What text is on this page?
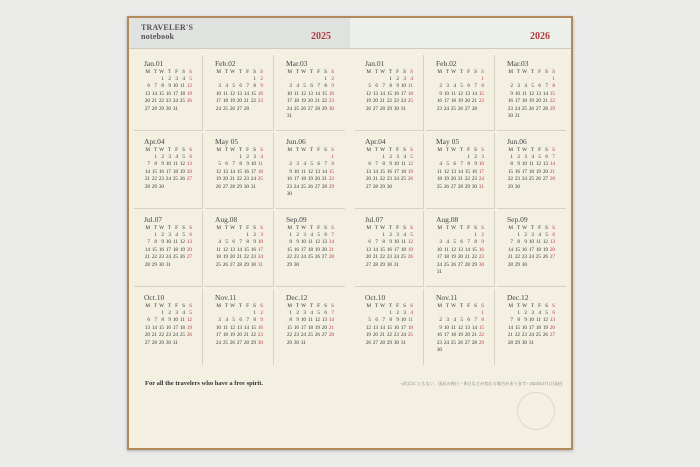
TRAVELER'S
notebook	2025
Jan.01
M T W T F S S
1 2 3 4 5
6 7 8 9 10 11 12
13 14 15 16 17 18 19
20 21 22 23 24 25 26
27 28 29 30 31
Feb.02
M T W T F S S
1 2
3 4 5 6 7 8 9
10 11 12 13 14 15 16
17 18 19 20 21 22 23
24 25 26 27 28
Mar.03
M T W T F S S
1 2
3 4 5 6 7 8 9
10 11 12 13 14 15 16
17 18 19 20 21 22 23
24 25 26 27 28 29 30
31
Apr.04
M T W T F S S
1 2 3 4 5 6
7 8 9 10 11 12 13
14 15 16 17 18 19 20
21 22 23 24 25 26 27
28 29 30
May 05
M T W T F S S
1 2 3 4
5 6 7 8 9 10 11
12 13 14 15 16 17 18
19 20 21 22 23 24 25
26 27 28 29 30 31
Jun.06
M T W T F S S
1
2 3 4 5 6 7 8
9 10 11 12 13 14 15
16 17 18 19 20 21 22
23 24 25 26 27 28 29
30
Jul.07
M T W T F S S
1 2 3 4 5 6
7 8 9 10 11 12 13
14 15 16 17 18 19 20
21 22 23 24 25 26 27
28 29 30 31
Aug.08
M T W T F S S
1 2 3
4 5 6 7 8 9 10
11 12 13 14 15 16 17
18 19 20 21 22 23 24
25 26 27 28 29 30 31
Sep.09
M T W T F S S
1 2 3 4 5 6 7
8 9 10 11 12 13 14
15 16 17 18 19 20 21
22 23 24 25 26 27 28
29 30
Oct.10
M T W T F S S
1 2 3 4 5
6 7 8 9 10 11 12
13 14 15 16 17 18 19
20 21 22 23 24 25 26
27 28 29 30 31
Nov.11
M T W T F S S
1 2
3 4 5 6 7 8 9
10 11 12 13 14 15 16
17 18 19 20 21 22 23
24 25 26 27 28 29 30
Dec.12
M T W T F S S
1 2 3 4 5 6 7
8 9 10 11 12 13 14
15 16 17 18 19 20 21
22 23 24 25 26 27 28
29 30 31
For all the travelers who have a free spirit.
2026
Jan.01
M T W T F S S
1 2 3 4
5 6 7 8 9 10 11
12 13 14 15 16 17 18
19 20 21 22 23 24 25
26 27 28 29 30 31
Feb.02
M T W T F S S
1
2 3 4 5 6 7 8
9 10 11 12 13 14 15
16 17 18 19 20 21 22
23 24 25 26 27 28
Mar.03
M T W T F S S
1
2 3 4 5 6 7 8
9 10 11 12 13 14 15
16 17 18 19 20 21 22
23 24 25 26 27 28 29
30 31
Apr.04
M T W T F S S
1 2 3 4 5
6 7 8 9 10 11 12
13 14 15 16 17 18 19
20 21 22 23 24 25 26
27 28 29 30
May 05
M T W T F S S
1 2 3
4 5 6 7 8 9 10
11 12 13 14 15 16 17
18 19 20 21 22 23 24
25 26 27 28 29 30 31
Jun.06
M T W T F S S
1 2 3 4 5 6 7
8 9 10 11 12 13 14
15 16 17 18 19 20 21
22 23 24 25 26 27 28
29 30
Jul.07
M T W T F S S
1 2 3 4 5
6 7 8 9 10 11 12
13 14 15 16 17 18 19
20 21 22 23 24 25 26
27 28 29 30 31
Aug.08
M T W T F S S
1 2
3 4 5 6 7 8 9
10 11 12 13 14 15 16
17 18 19 20 21 22 23
24 25 26 27 28 29 30
31
Sep.09
M T W T F S S
1 2 3 4 5 6
7 8 9 10 11 12 13
14 15 16 17 18 19 20
21 22 23 24 25 26 27
28 29 30
Oct.10
M T W T F S S
1 2 3 4
5 6 7 8 9 10 11
12 13 14 15 16 17 18
19 20 21 22 23 24 25
26 27 28 29 30 31
Nov.11
M T W T F S S
1
2 3 4 5 6 7 8
9 10 11 12 13 14 15
16 17 18 19 20 21 22
23 24 25 26 27 28 29
30
Dec.12
M T W T F S S
1 2 3 4 5 6
7 8 9 10 11 12 13
14 15 16 17 18 19 20
21 22 23 24 25 26 27
28 29 30 31
<改訂2にともない、国民の祝日・休日などが変わる場合があります> 2024年2月1日現在
